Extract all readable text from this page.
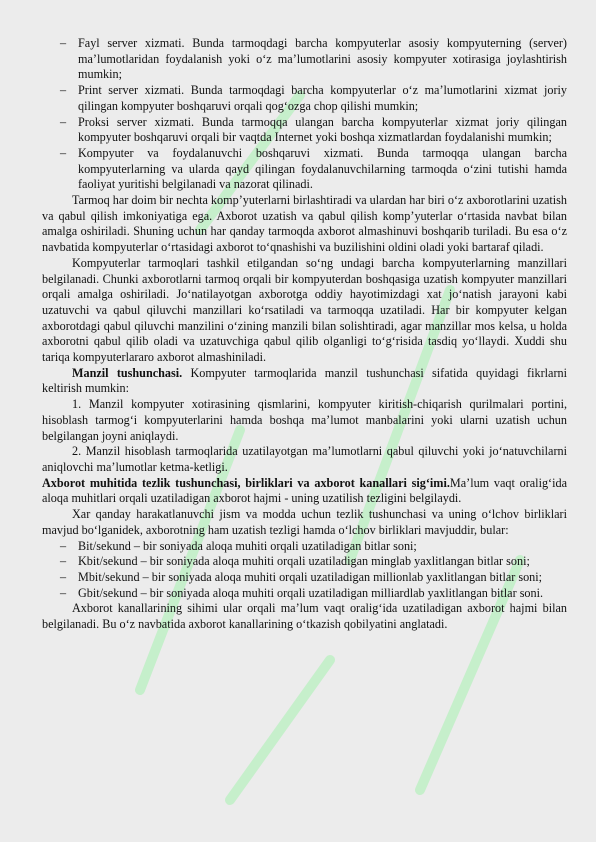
– Fayl server xizmati. Bunda tarmoqdagi barcha kompyuterlar asosiy kompyuterning (server) ma’lumotlaridan foydalanish yoki o‘z ma’lumotlarini asosiy kompyuter xotirasiga joylashtirish mumkin;
– Print server xizmati. Bunda tarmoqdagi barcha kompyuterlar o‘z ma’lumotlarini xizmat joriy qilingan kompyuter boshqaruvi orqali qog‘ozga chop qilishi mumkin;
– Proksi server xizmati. Bunda tarmoqqa ulangan barcha kompyuterlar xizmat joriy qilingan kompyuter boshqaruvi orqali bir vaqtda Internet yoki boshqa xizmatlardan foydalanishi mumkin;
– Kompyuter va foydalanuvchi boshqaruvi xizmati. Bunda tarmoqqa ulangan barcha kompyuterlarning va ularda qayd qilingan foydalanuvchilarning tarmoqda o‘zini tutishi hamda faoliyat yuritishi belgilanadi va nazorat qilinadi.

Tarmoq har doim bir nechta komp’yuterlarni birlashtiradi va ulardan har biri o‘z axborotlarini uzatish va qabul qilish imkoniyatiga ega. Axborot uzatish va qabul qilish komp’yuterlar o‘rtasida navbat bilan amalga oshiriladi. Shuning uchun har qanday tarmoqda axborot almashinuvi boshqarib turiladi. Bu esa o‘z navbatida kompyuterlar o‘rtasidagi axborot to‘qnashishi va buzilishini oldini oladi yoki bartaraf qiladi.

Kompyuterlar tarmoqlari tashkil etilgandan so‘ng undagi barcha kompyuterlarning manzillari belgilanadi. Chunki axborotlarni tarmoq orqali bir kompyuterdan boshqasiga uzatish kompyuter manzillari orqali amalga oshiriladi. Jo‘natilayotgan axborotga oddiy hayotimizdagi xat jo‘natish jarayoni kabi uzatuvchi va qabul qiluvchi manzillari ko‘rsatiladi va tarmoqqa uzatiladi. Har bir kompyuter kelgan axborotdagi qabul qiluvchi manzilini o‘zining manzili bilan solishtiradi, agar manzillar mos kelsa, u holda axborotni qabul qilib oladi va uzatuvchiga qabul qilib olganligi to‘g‘risida tasdiq yo‘llaydi. Xuddi shu tariqa kompyuterlararo axborot almashiniladi.

Manzil tushunchasi. Kompyuter tarmoqlarida manzil tushunchasi sifatida quyidagi fikrlarni keltirish mumkin:

1. Manzil kompyuter xotirasining qismlarini, kompyuter kiritish-chiqarish qurilmalari portini, hisoblash tarmog‘i kompyuterlarini hamda boshqa ma’lumot manbalarini yoki ularni uzatish uchun belgilangan joyni aniqlaydi.

2. Manzil hisoblash tarmoqlarida uzatilayotgan ma’lumotlarni qabul qiluvchi yoki jo‘natuvchilarni aniqlovchi ma’lumotlar ketma-ketligi.

Axborot muhitida tezlik tushunchasi, birliklari va axborot kanallari sig‘imi.Ma’lum vaqt oralig‘ida aloqa muhitlari orqali uzatiladigan axborot hajmi - uning uzatilish tezligini belgilaydi.

Xar qanday harakatlanuvchi jism va modda uchun tezlik tushunchasi va uning o‘lchov birliklari mavjud bo‘lganidek, axborotning ham uzatish tezligi hamda o‘lchov birliklari mavjuddir, bular:

– Bit/sekund – bir soniyada aloqa muhiti orqali uzatiladigan bitlar soni;
– Kbit/sekund – bir soniyada aloqa muhiti orqali uzatiladigan minglab yaxlitlangan bitlar soni;
– Mbit/sekund – bir soniyada aloqa muhiti orqali uzatiladigan millionlab yaxlitlangan bitlar soni;
– Gbit/sekund – bir soniyada aloqa muhiti orqali uzatiladigan milliardlab yaxlitlangan bitlar soni.

Axborot kanallarining sihimi ular orqali ma’lum vaqt oralig‘ida uzatiladigan axborot hajmi bilan belgilanadi. Bu o‘z navbatida axborot kanallarining o‘tkazish qobilyatini anglatadi.
